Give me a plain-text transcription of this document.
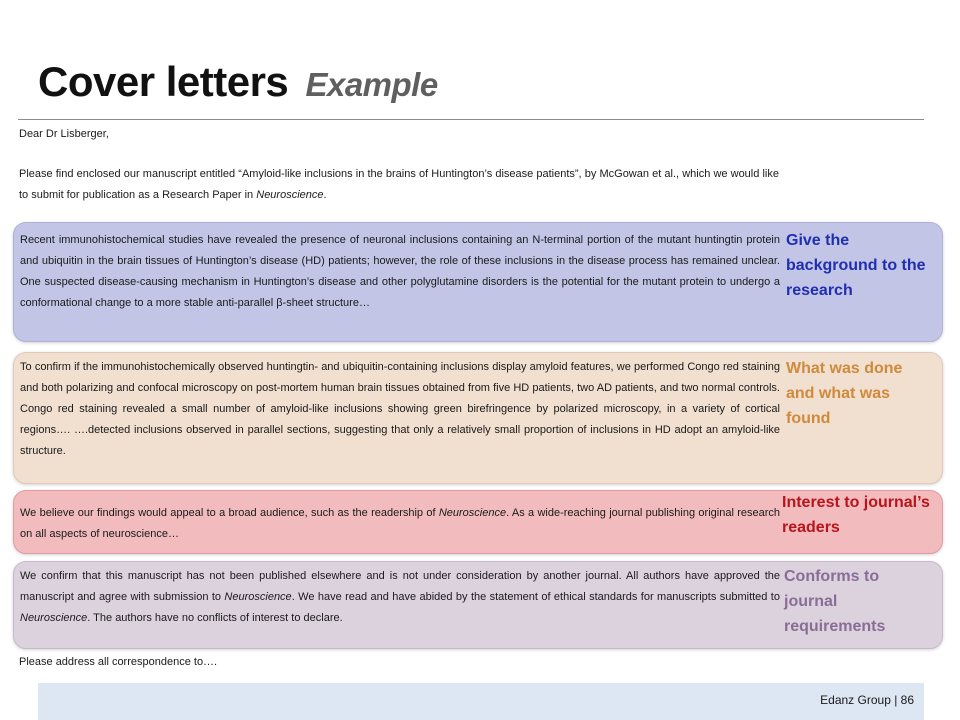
Cover letters Example

Dear Dr Lisberger,

Please find enclosed our manuscript entitled “Amyloid-like inclusions in the brains of Huntington’s disease patients”, by McGowan et al., which we would like to submit for publication as a Research Paper in Neuroscience.

Recent immunohistochemical studies have revealed the presence of neuronal inclusions containing an N-terminal portion of the mutant huntingtin protein and ubiquitin in the brain tissues of Huntington’s disease (HD) patients; however, the role of these inclusions in the disease process has remained unclear. One suspected disease-causing mechanism in Huntington’s disease and other polyglutamine disorders is the potential for the mutant protein to undergo a conformational change to a more stable anti-parallel β-sheet structure…

Give the background to the research

To confirm if the immunohistochemically observed huntingtin- and ubiquitin-containing inclusions display amyloid features, we performed Congo red staining and both polarizing and confocal microscopy on post-mortem human brain tissues obtained from five HD patients, two AD patients, and two normal controls. Congo red staining revealed a small number of amyloid-like inclusions showing green birefringence by polarized microscopy, in a variety of cortical regions…. ….detected inclusions observed in parallel sections, suggesting that only a relatively small proportion of inclusions in HD adopt an amyloid-like structure.

What was done and what was found

We believe our findings would appeal to a broad audience, such as the readership of Neuroscience. As a wide-reaching journal publishing original research on all aspects of neuroscience…

Interest to journal’s readers

We confirm that this manuscript has not been published elsewhere and is not under consideration by another journal. All authors have approved the manuscript and agree with submission to Neuroscience. We have read and have abided by the statement of ethical standards for manuscripts submitted to Neuroscience. The authors have no conflicts of interest to declare.

Conforms to journal requirements

Please address all correspondence to….

Edanz Group | 86
